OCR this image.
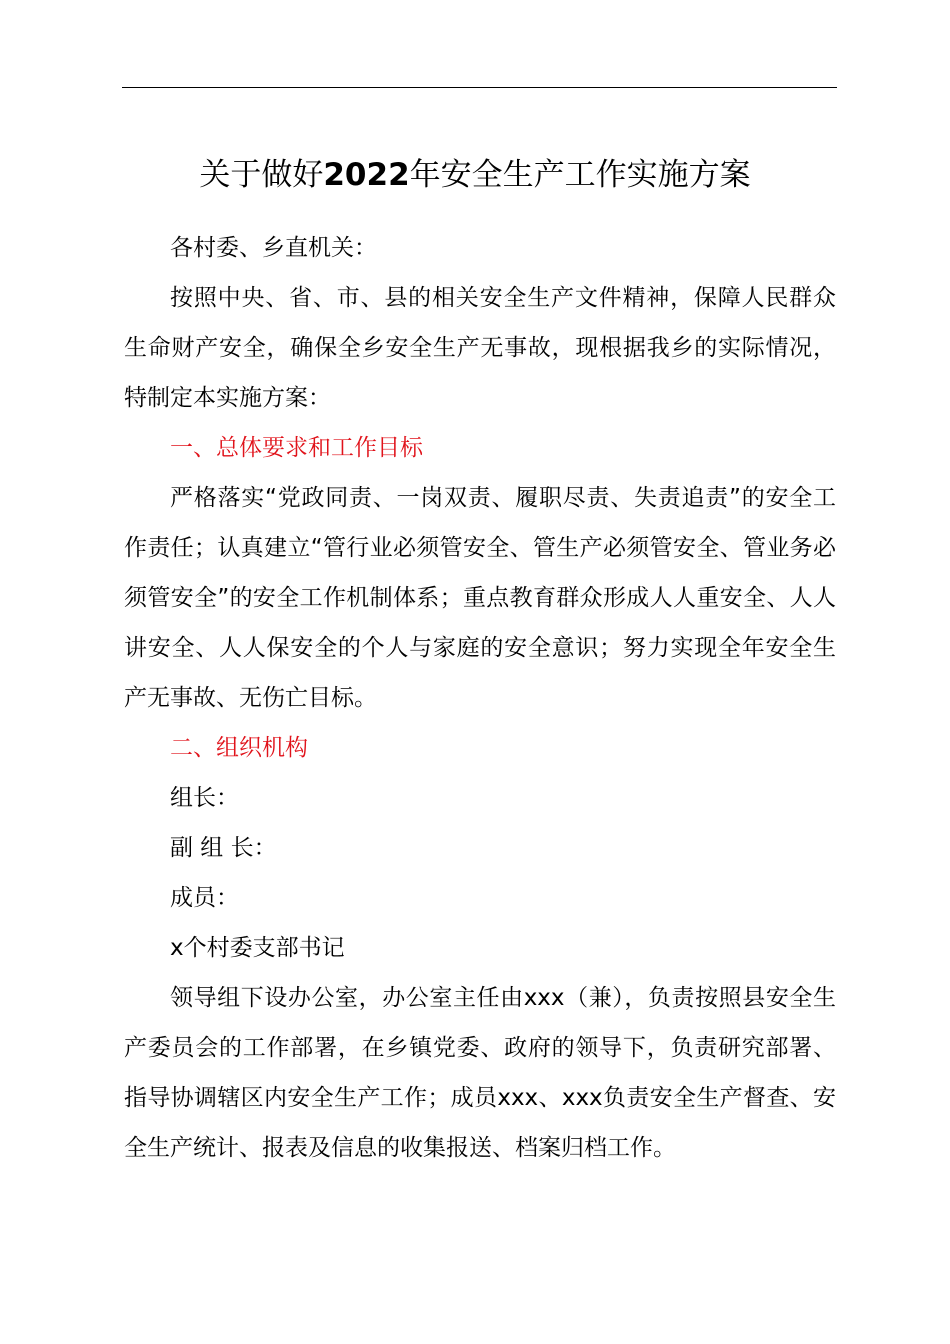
关于做好2022年安全生产工作实施方案

各村委、乡直机关：

按照中央、省、市、县的相关安全生产文件精神，保障人民群众生命财产安全，确保全乡安全生产无事故，现根据我乡的实际情况，特制定本实施方案：

一、总体要求和工作目标

严格落实“党政同责、一岗双责、履职尽责、失责追责”的安全工作责任；认真建立“管行业必须管安全、管生产必须管安全、管业务必须管安全”的安全工作机制体系；重点教育群众形成人人重安全、人人讲安全、人人保安全的个人与家庭的安全意识；努力实现全年安全生产无事故、无伤亡目标。

二、组织机构

组长：

副 组 长：

成员：

x个村委支部书记

领导组下设办公室，办公室主任由xxx（兼），负责按照县安全生产委员会的工作部署，在乡镇党委、政府的领导下，负责研究部署、指导协调辖区内安全生产工作；成员xxx、xxx负责安全生产督查、安全生产统计、报表及信息的收集报送、档案归档工作。
